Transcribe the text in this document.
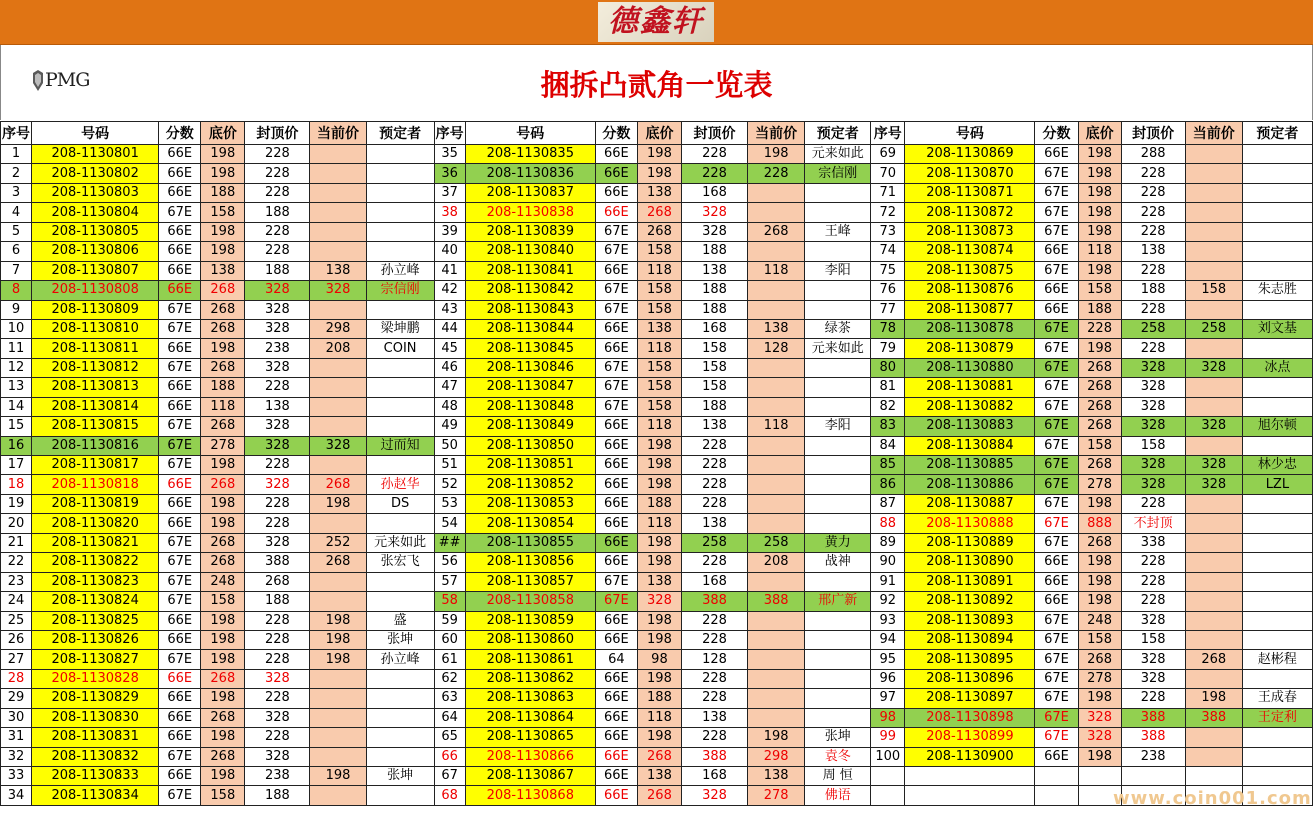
德鑫轩
PMG	捆拆凸贰角一览表
序号	号码	分数	底价	封顶价	当前价	预定者	序号	号码	分数	底价	封顶价	当前价	预定者	序号	号码	分数	底价	封顶价	当前价	预定者
1	208-1130801	66E	198	228			35	208-1130835	66E	198	228	198	元来如此	69	208-1130869	66E	198	288		
2	208-1130802	66E	198	228			36	208-1130836	66E	198	228	228	宗信刚	70	208-1130870	67E	198	228		
3	208-1130803	66E	188	228			37	208-1130837	66E	138	168			71	208-1130871	67E	198	228		
4	208-1130804	67E	158	188			38	208-1130838	66E	268	328			72	208-1130872	67E	198	228		
5	208-1130805	66E	198	228			39	208-1130839	67E	268	328	268	王峰	73	208-1130873	67E	198	228		
6	208-1130806	66E	198	228			40	208-1130840	67E	158	188			74	208-1130874	66E	118	138		
7	208-1130807	66E	138	188	138	孙立峰	41	208-1130841	66E	118	138	118	李阳	75	208-1130875	67E	198	228		
8	208-1130808	66E	268	328	328	宗信刚	42	208-1130842	67E	158	188			76	208-1130876	66E	158	188	158	朱志胜
9	208-1130809	67E	268	328			43	208-1130843	67E	158	188			77	208-1130877	66E	188	228		
10	208-1130810	67E	268	328	298	梁坤鹏	44	208-1130844	66E	138	168	138	绿茶	78	208-1130878	67E	228	258	258	刘文基
11	208-1130811	66E	198	238	208	COIN	45	208-1130845	66E	118	158	128	元来如此	79	208-1130879	67E	198	228		
12	208-1130812	67E	268	328			46	208-1130846	67E	158	158			80	208-1130880	67E	268	328	328	冰点
13	208-1130813	66E	188	228			47	208-1130847	67E	158	158			81	208-1130881	67E	268	328		
14	208-1130814	66E	118	138			48	208-1130848	67E	158	188			82	208-1130882	67E	268	328		
15	208-1130815	67E	268	328			49	208-1130849	66E	118	138	118	李阳	83	208-1130883	67E	268	328	328	旭尔顿
16	208-1130816	67E	278	328	328	过而知	50	208-1130850	66E	198	228			84	208-1130884	67E	158	158		
17	208-1130817	67E	198	228			51	208-1130851	66E	198	228			85	208-1130885	67E	268	328	328	林少忠
18	208-1130818	66E	268	328	268	孙赵华	52	208-1130852	66E	198	228			86	208-1130886	67E	278	328	328	LZL
19	208-1130819	66E	198	228	198	DS	53	208-1130853	66E	188	228			87	208-1130887	67E	198	228		
20	208-1130820	66E	198	228			54	208-1130854	66E	118	138			88	208-1130888	67E	888	不封顶		
21	208-1130821	67E	268	328	252	元来如此	##	208-1130855	66E	198	258	258	黄力	89	208-1130889	67E	268	338		
22	208-1130822	67E	268	388	268	张宏飞	56	208-1130856	66E	198	228	208	战神	90	208-1130890	66E	198	228		
23	208-1130823	67E	248	268			57	208-1130857	67E	138	168			91	208-1130891	66E	198	228		
24	208-1130824	67E	158	188			58	208-1130858	67E	328	388	388	邢广新	92	208-1130892	66E	198	228		
25	208-1130825	66E	198	228	198	盛	59	208-1130859	66E	198	228			93	208-1130893	67E	248	328		
26	208-1130826	66E	198	228	198	张坤	60	208-1130860	66E	198	228			94	208-1130894	67E	158	158		
27	208-1130827	67E	198	228	198	孙立峰	61	208-1130861	64	98	128			95	208-1130895	67E	268	328	268	赵彬程
28	208-1130828	66E	268	328			62	208-1130862	66E	198	228			96	208-1130896	67E	278	328		
29	208-1130829	66E	198	228			63	208-1130863	66E	188	228			97	208-1130897	67E	198	228	198	王成春
30	208-1130830	66E	268	328			64	208-1130864	66E	118	138			98	208-1130898	67E	328	388	388	王定利
31	208-1130831	66E	198	228			65	208-1130865	66E	198	228	198	张坤	99	208-1130899	67E	328	388		
32	208-1130832	67E	268	328			66	208-1130866	66E	268	388	298	袁冬	100	208-1130900	66E	198	238		
33	208-1130833	66E	198	238	198	张坤	67	208-1130867	66E	138	168	138	周 恒							
34	208-1130834	67E	158	188			68	208-1130868	66E	268	328	278	佛语								www.coin001.com
